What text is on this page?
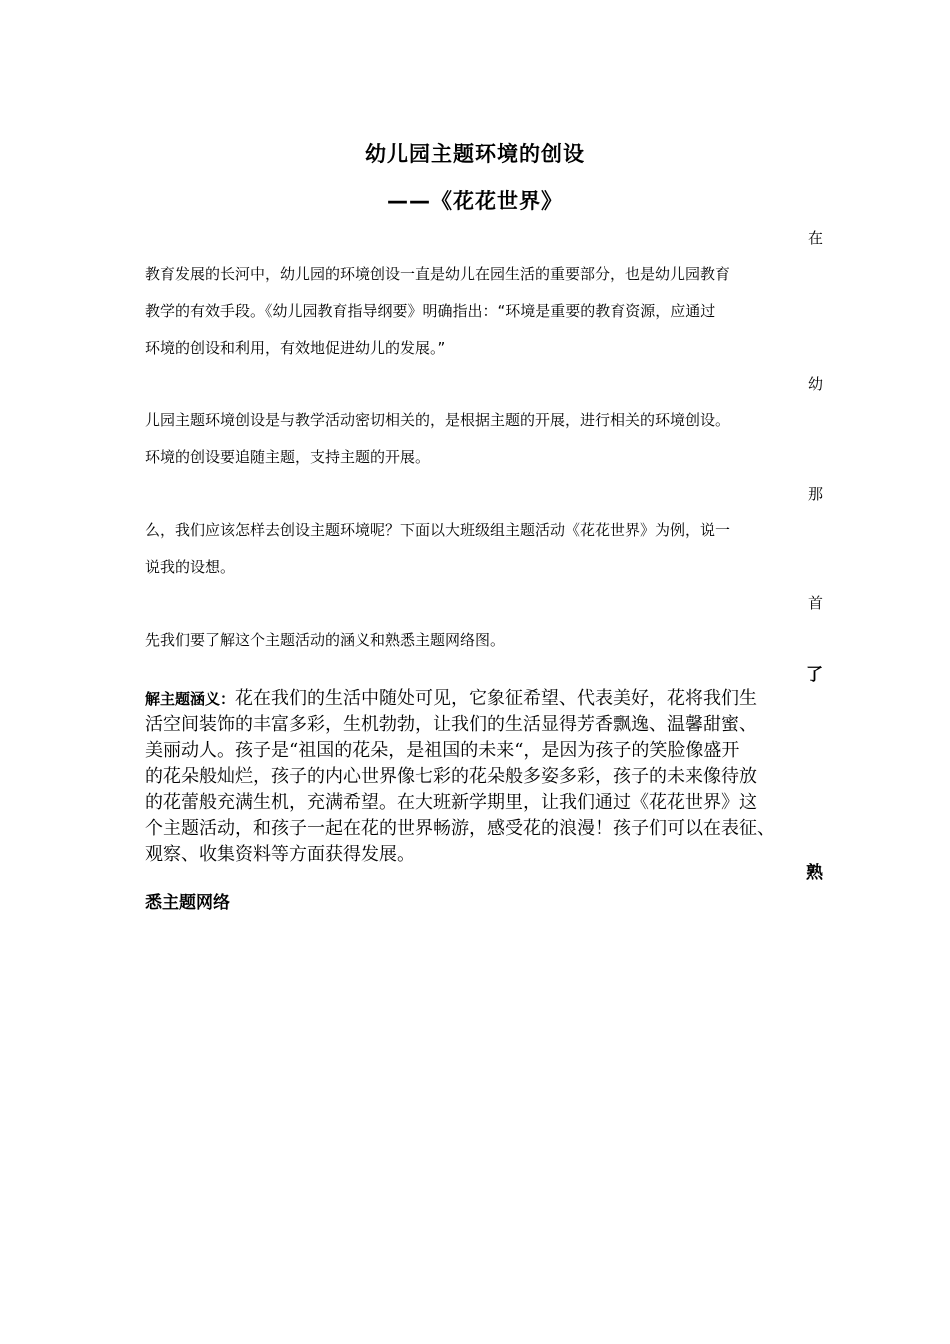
幼儿园主题环境的创设
——《花花世界》
在
教育发展的长河中，幼儿园的环境创设一直是幼儿在园生活的重要部分，也是幼儿园教育
教学的有效手段。《幼儿园教育指导纲要》明确指出：“环境是重要的教育资源，应通过
环境的创设和利用，有效地促进幼儿的发展。”
幼
儿园主题环境创设是与教学活动密切相关的，是根据主题的开展，进行相关的环境创设。
环境的创设要追随主题，支持主题的开展。
那
么，我们应该怎样去创设主题环境呢？下面以大班级组主题活动《花花世界》为例，说一
说我的设想。
首
先我们要了解这个主题活动的涵义和熟悉主题网络图。
了
解主题涵义：花在我们的生活中随处可见，它象征希望、代表美好，花将我们生
活空间装饰的丰富多彩，生机勃勃，让我们的生活显得芳香飘逸、温馨甜蜜、
美丽动人。孩子是“祖国的花朵，是祖国的未来“，是因为孩子的笑脸像盛开
的花朵般灿烂，孩子的内心世界像七彩的花朵般多姿多彩，孩子的未来像待放
的花蕾般充满生机，充满希望。在大班新学期里，让我们通过《花花世界》这
个主题活动，和孩子一起在花的世界畅游，感受花的浪漫！孩子们可以在表征、
观察、收集资料等方面获得发展。
熟
悉主题网络
